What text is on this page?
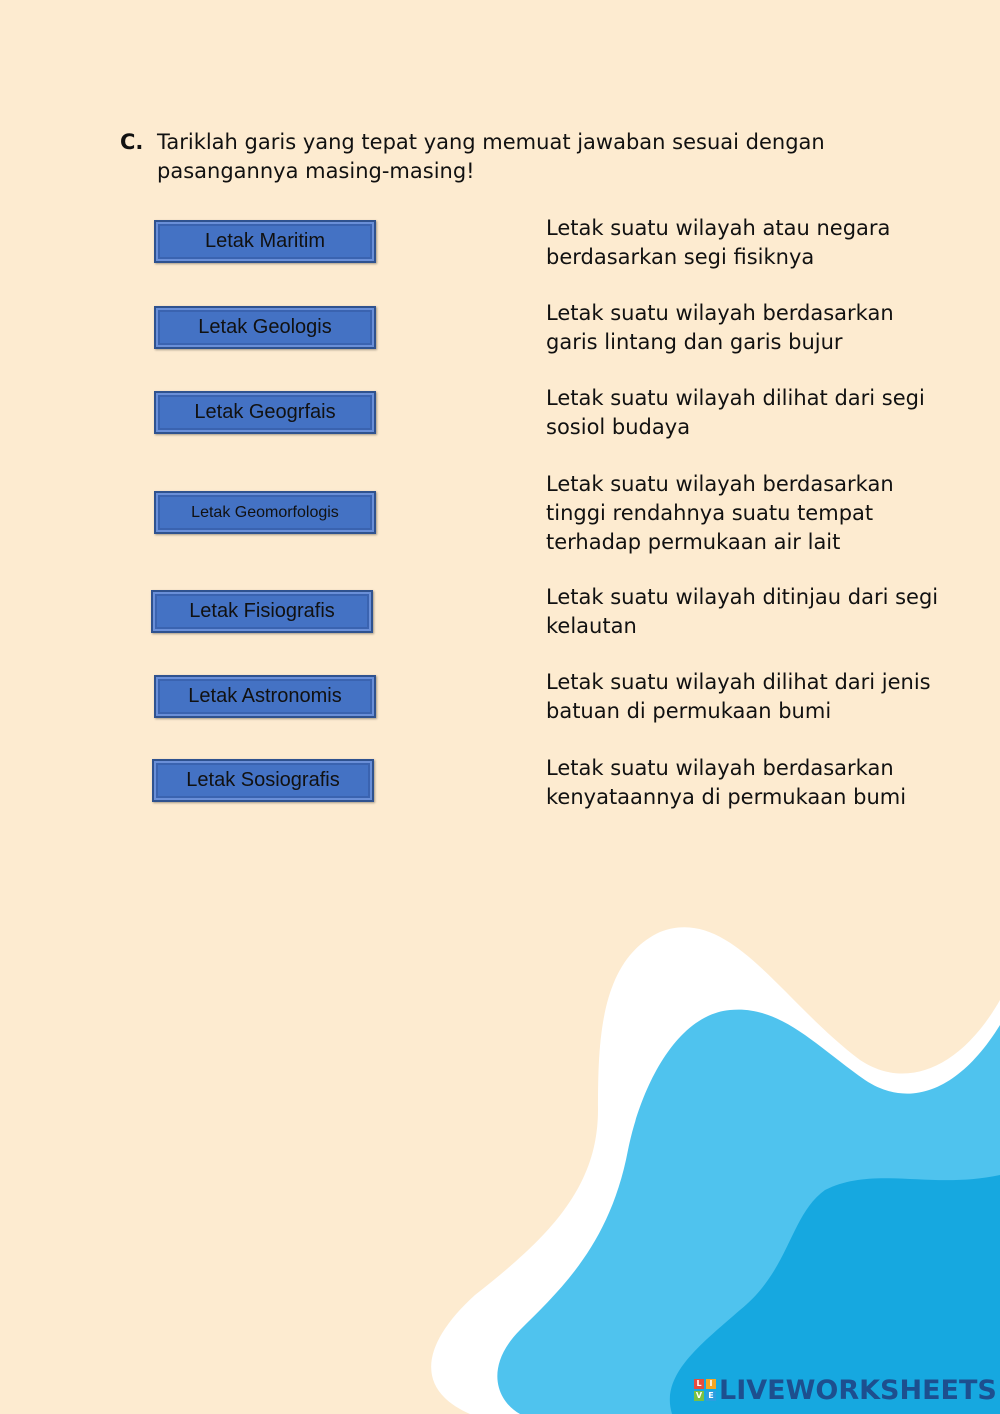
C. Tariklah garis yang tepat yang memuat jawaban sesuai dengan pasangannya masing-masing!
Letak Maritim
Letak Geologis
Letak Geogrfais
Letak Geomorfologis
Letak Fisiografis
Letak Astronomis
Letak Sosiografis
Letak suatu wilayah atau negara berdasarkan segi fisiknya
Letak suatu wilayah berdasarkan garis lintang dan garis bujur
Letak suatu wilayah dilihat dari segi sosiol budaya
Letak suatu wilayah berdasarkan tinggi rendahnya suatu tempat terhadap permukaan air lait
Letak suatu wilayah ditinjau dari segi kelautan
Letak suatu wilayah dilihat dari jenis batuan di permukaan bumi
Letak suatu wilayah berdasarkan kenyataannya di permukaan bumi
L I
V E LIVEWORKSHEETS
